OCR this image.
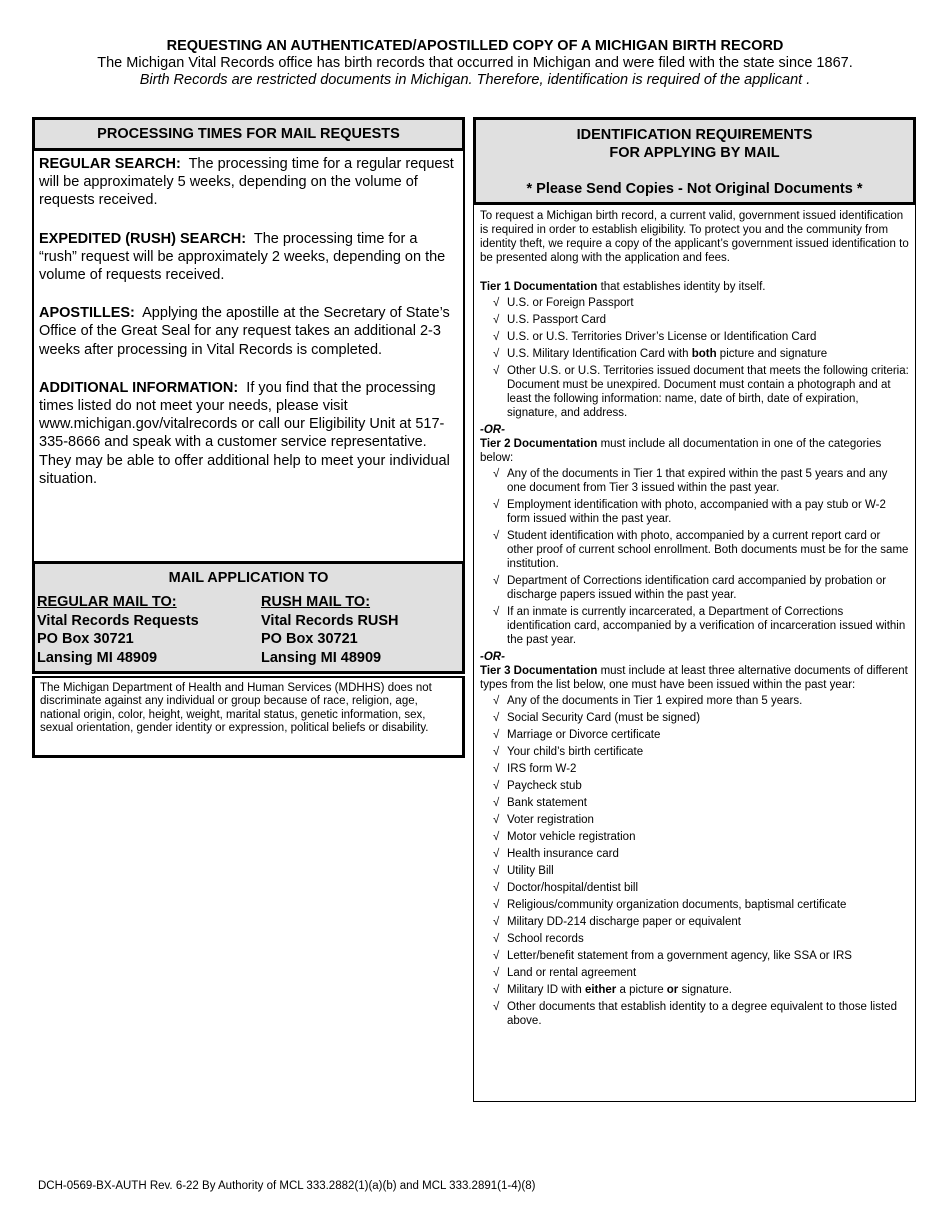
REQUESTING AN AUTHENTICATED/APOSTILLED COPY OF A MICHIGAN BIRTH RECORD
The Michigan Vital Records office has birth records that occurred in Michigan and were filed with the state since 1867.
Birth Records are restricted documents in Michigan. Therefore, identification is required of the applicant .
PROCESSING TIMES FOR MAIL REQUESTS

REGULAR SEARCH: The processing time for a regular request will be approximately 5 weeks, depending on the volume of requests received.

EXPEDITED (RUSH) SEARCH: The processing time for a “rush” request will be approximately 2 weeks, depending on the volume of requests received.

APOSTILLES: Applying the apostille at the Secretary of State’s Office of the Great Seal for any request takes an additional 2-3 weeks after processing in Vital Records is completed.

ADDITIONAL INFORMATION: If you find that the processing times listed do not meet your needs, please visit www.michigan.gov/vitalrecords or call our Eligibility Unit at 517-335-8666 and speak with a customer service representative. They may be able to offer additional help to meet your individual situation.

MAIL APPLICATION TO
REGULAR MAIL TO:
Vital Records Requests
PO Box 30721
Lansing MI 48909
RUSH MAIL TO:
Vital Records RUSH
PO Box 30721
Lansing MI 48909
The Michigan Department of Health and Human Services (MDHHS) does not discriminate against any individual or group because of race, religion, age, national origin, color, height, weight, marital status, genetic information, sex, sexual orientation, gender identity or expression, political beliefs or disability.
IDENTIFICATION REQUIREMENTS
FOR APPLYING BY MAIL
* Please Send Copies - Not Original Documents *

To request a Michigan birth record, a current valid, government issued identification is required in order to establish eligibility. To protect you and the community from identity theft, we require a copy of the applicant’s government issued identification to be presented along with the application and fees.

Tier 1 Documentation that establishes identity by itself.

√ U.S. or Foreign Passport
√ U.S. Passport Card
√ U.S. or U.S. Territories Driver’s License or Identification Card
√ U.S. Military Identification Card with both picture and signature
√ Other U.S. or U.S. Territories issued document that meets the following criteria: Document must be unexpired. Document must contain a photograph and at least the following information: name, date of birth, date of expiration, signature, and address.

-OR-

Tier 2 Documentation must include all documentation in one of the categories below:

√ Any of the documents in Tier 1 that expired within the past 5 years and any one document from Tier 3 issued within the past year.
√ Employment identification with photo, accompanied with a pay stub or W-2 form issued within the past year.
√ Student identification with photo, accompanied by a current report card or other proof of current school enrollment. Both documents must be for the same institution.
√ Department of Corrections identification card accompanied by probation or discharge papers issued within the past year.
√ If an inmate is currently incarcerated, a Department of Corrections identification card, accompanied by a verification of incarceration issued within the past year.

-OR-

Tier 3 Documentation must include at least three alternative documents of different types from the list below, one must have been issued within the past year:

√ Any of the documents in Tier 1 expired more than 5 years.
√ Social Security Card (must be signed)
√ Marriage or Divorce certificate
√ Your child’s birth certificate
√ IRS form W-2
√ Paycheck stub
√ Bank statement
√ Voter registration
√ Motor vehicle registration
√ Health insurance card
√ Utility Bill
√ Doctor/hospital/dentist bill
√ Religious/community organization documents, baptismal certificate
√ Military DD-214 discharge paper or equivalent
√ School records
√ Letter/benefit statement from a government agency, like SSA or IRS
√ Land or rental agreement
√ Military ID with either a picture or signature.
√ Other documents that establish identity to a degree equivalent to those listed above.
DCH-0569-BX-AUTH Rev. 6-22 By Authority of MCL 333.2882(1)(a)(b) and MCL 333.2891(1-4)(8)
